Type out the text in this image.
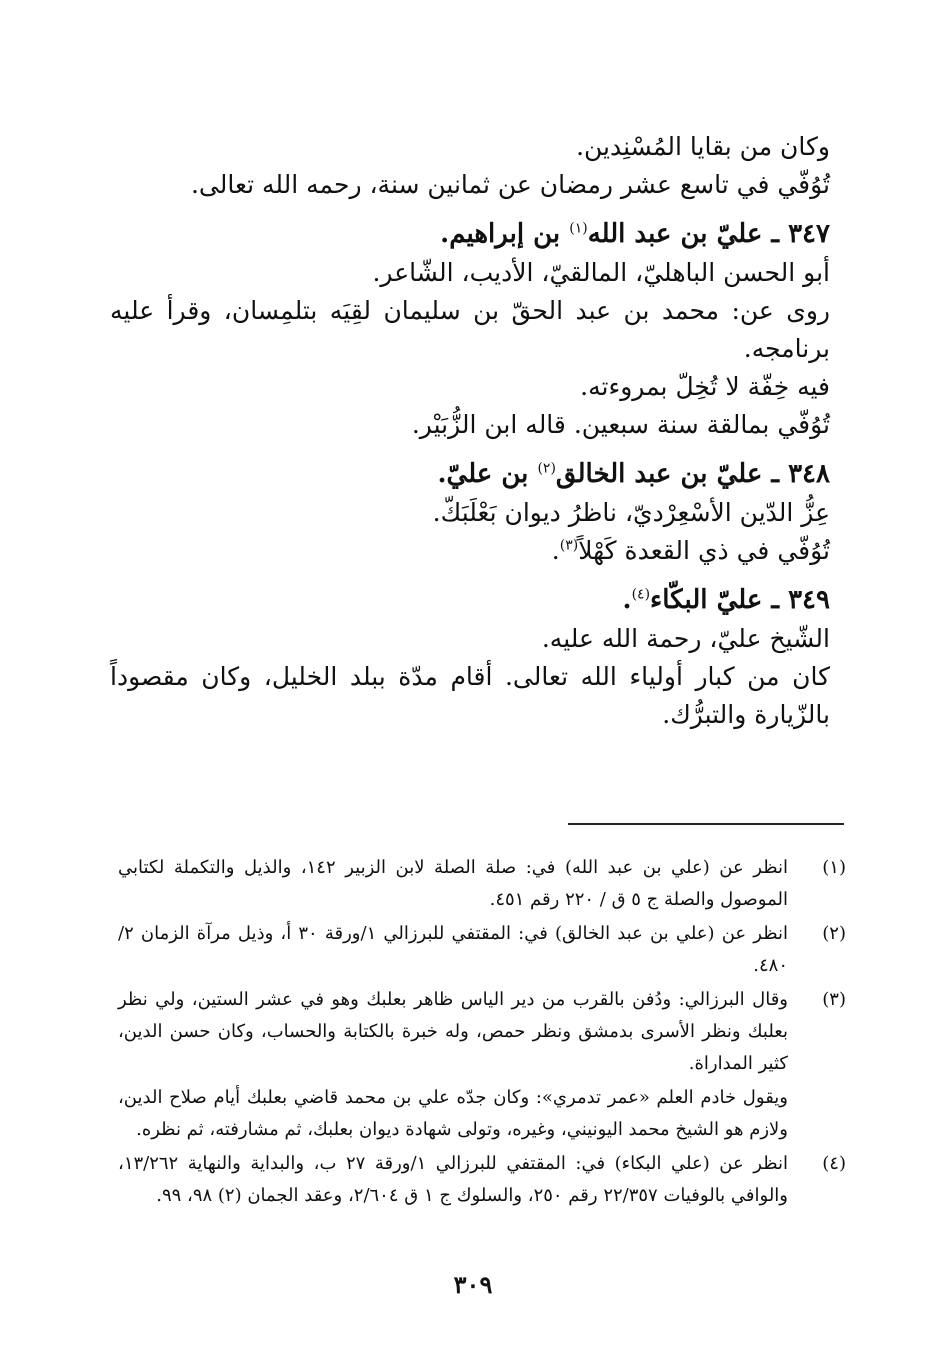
وكان من بقايا المُسْنِدين.

تُوُفّي في تاسع عشر رمضان عن ثمانين سنة، رحمه الله تعالى.

٣٤٧ ـ عليّ بن عبد الله$^{(١)}$ بن إبراهيم.

أبو الحسن الباهليّ، المالقيّ، الأديب، الشّاعر.

روى عن: محمد بن عبد الحقّ بن سليمان لقِيَه بتلمِسان، وقرأ عليه برنامجه.

فيه خِفّة لا تُخِلّ بمروءته.

تُوُفّي بمالقة سنة سبعين. قاله ابن الزُّبَيْر.

٣٤٨ ـ عليّ بن عبد الخالق$^{(٢)}$ بن عليّ.

عِزُّ الدّين الأسْعِرْديّ، ناظرُ ديوان بَعْلَبَكّ.

تُوُفّي في ذي القعدة كَهْلاً$^{(٣)}$.

٣٤٩ ـ عليّ البكّاء$^{(٤)}$.

الشّيخ عليّ، رحمة الله عليه.

كان من كبار أولياء الله تعالى. أقام مدّة ببلد الخليل، وكان مقصوداً بالزّيارة والتبرُّك.

(١)

انظر عن (علي بن عبد الله) في: صلة الصلة لابن الزبير ١٤٢، والذيل والتكملة لكتابي الموصول والصلة ج ٥ ق / ٢٢٠ رقم ٤٥١.

(٢)

انظر عن (علي بن عبد الخالق) في: المقتفي للبرزالي ١/ورقة ٣٠ أ، وذيل مرآة الزمان ٢/ ٤٨٠.

(٣)

وقال البرزالي: ودُفن بالقرب من دير الياس ظاهر بعلبك وهو في عشر الستين، ولي نظر بعلبك ونظر الأسرى بدمشق ونظر حمص، وله خبرة بالكتابة والحساب، وكان حسن الدين، كثير المداراة.

ويقول خادم العلم «عمر تدمري»: وكان جدّه علي بن محمد قاضي بعلبك أيام صلاح الدين، ولازم هو الشيخ محمد اليونيني، وغيره، وتولى شهادة ديوان بعلبك، ثم مشارفته، ثم نظره.

(٤)

انظر عن (علي البكاء) في: المقتفي للبرزالي ١/ورقة ٢٧ ب، والبداية والنهاية ١٣/٢٦٢، والوافي بالوفيات ٢٢/٣٥٧ رقم ٢٥٠، والسلوك ج ١ ق ٢/٦٠٤، وعقد الجمان (٢) ٩٨، ٩٩.

٣٠٩
